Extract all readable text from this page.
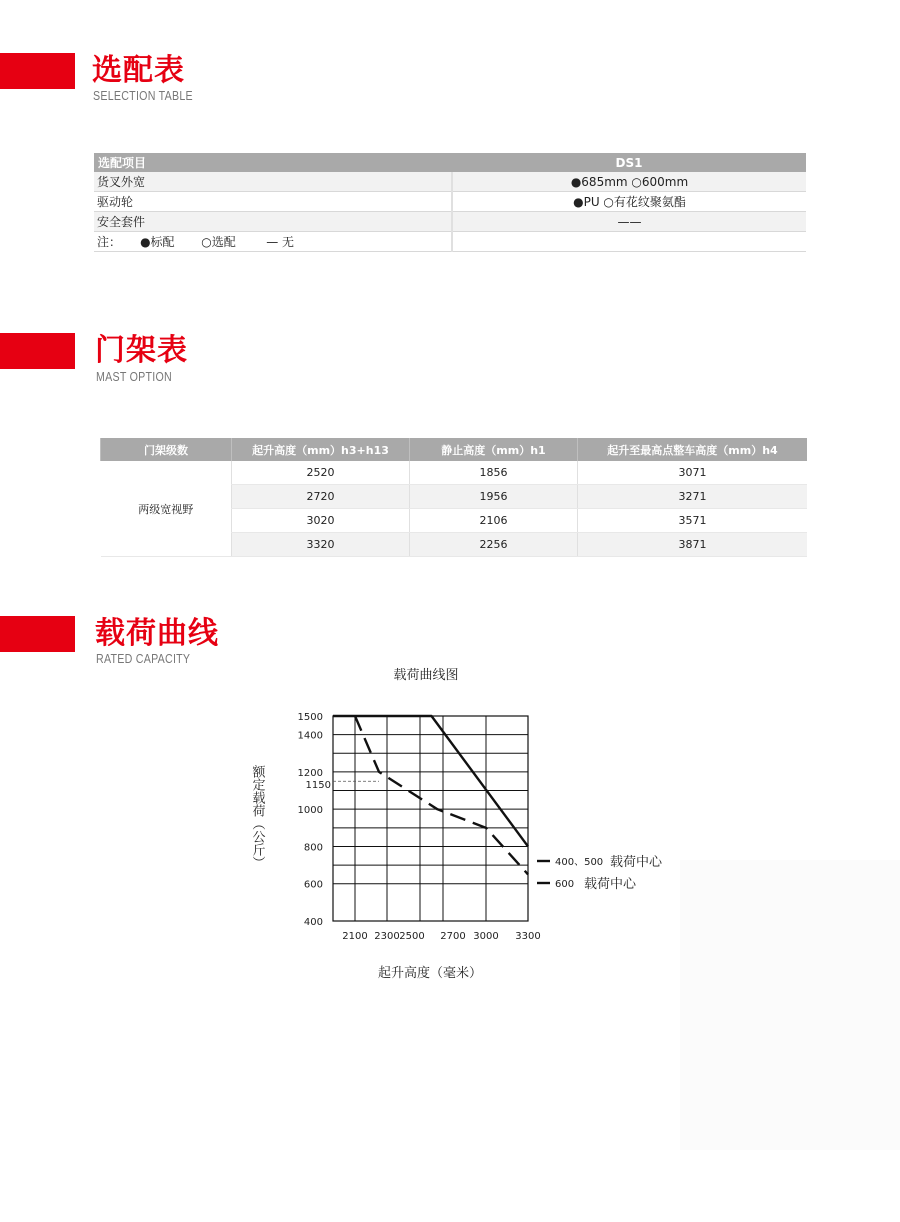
选配表
SELECTION TABLE
选配项目	DS1
货叉外宽	●685mm ○600mm
驱动轮	●PU ○有花纹聚氨酯
安全套件	——
注：     ●标配       ○选配        — 无	
门架表
MAST OPTION
门架级数	起升高度（mm）h3+h13	静止高度（mm）h1	起升至最高点整车高度（mm）h4
两级宽视野	2520	1856	3071
	2720	1956	3271
	3020	2106	3571
	3320	2256	3871
载荷曲线
RATED CAPACITY
载荷曲线图
400
600
800
1000
1150
1200
1400
1500
2100 2300 2500 2700 3000 3300
额定载荷（公斤）
起升高度（毫米）
400、500 载荷中心
600 载荷中心
